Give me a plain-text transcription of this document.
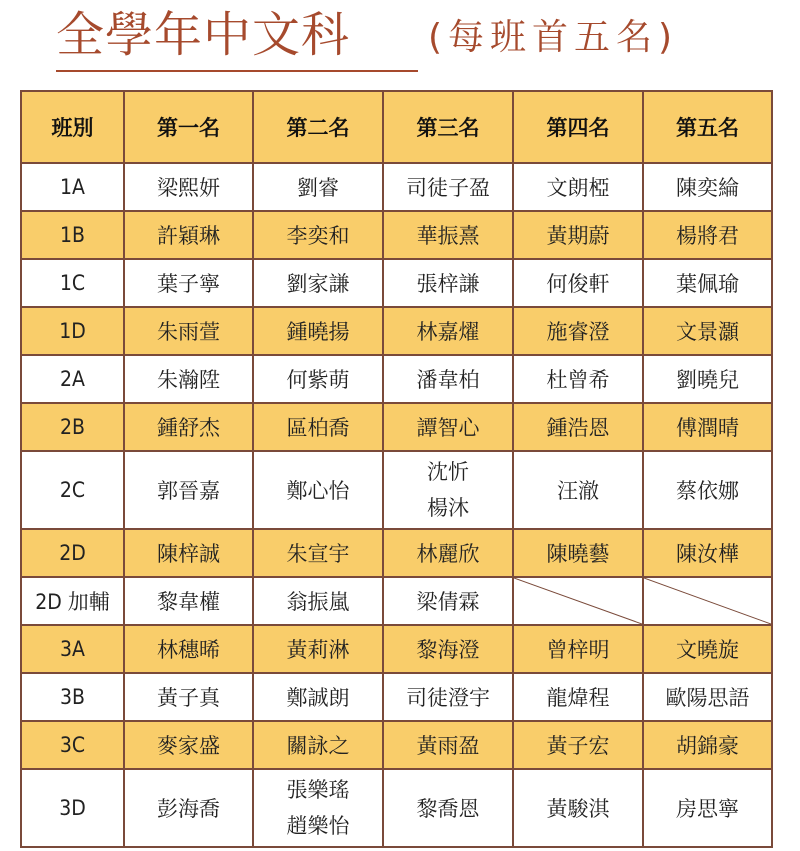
全學年中文科 (每班首五名)
班別	第一名	第二名	第三名	第四名	第五名
1A	梁熙妍	劉睿	司徒子盈	文朗椏	陳奕綸
1B	許穎琳	李奕和	華振熹	黃期蔚	楊將君
1C	葉子寧	劉家謙	張梓謙	何俊軒	葉佩瑜
1D	朱雨萱	鍾曉揚	林嘉燿	施睿澄	文景灝
2A	朱瀚陞	何紫萌	潘韋柏	杜曾希	劉曉兒
2B	鍾舒杰	區柏喬	譚智心	鍾浩恩	傅潤晴
2C	郭晉嘉	鄭心怡	沈忻
楊沐	汪澈	蔡依娜
2D	陳梓誠	朱宣宇	林麗欣	陳曉藝	陳汝樺
2D 加輔	黎韋權	翁振嵐	梁倩霖	

3A	林穗晞	黃莉淋	黎海澄	曾梓明	文曉旋
3B	黃子真	鄭誠朗	司徒澄宇	龍煒程	歐陽思語
3C	麥家盛	關詠之	黃雨盈	黃子宏	胡錦豪
3D	彭海喬	張樂瑤
趙樂怡	黎喬恩	黃駿淇	房思寧
